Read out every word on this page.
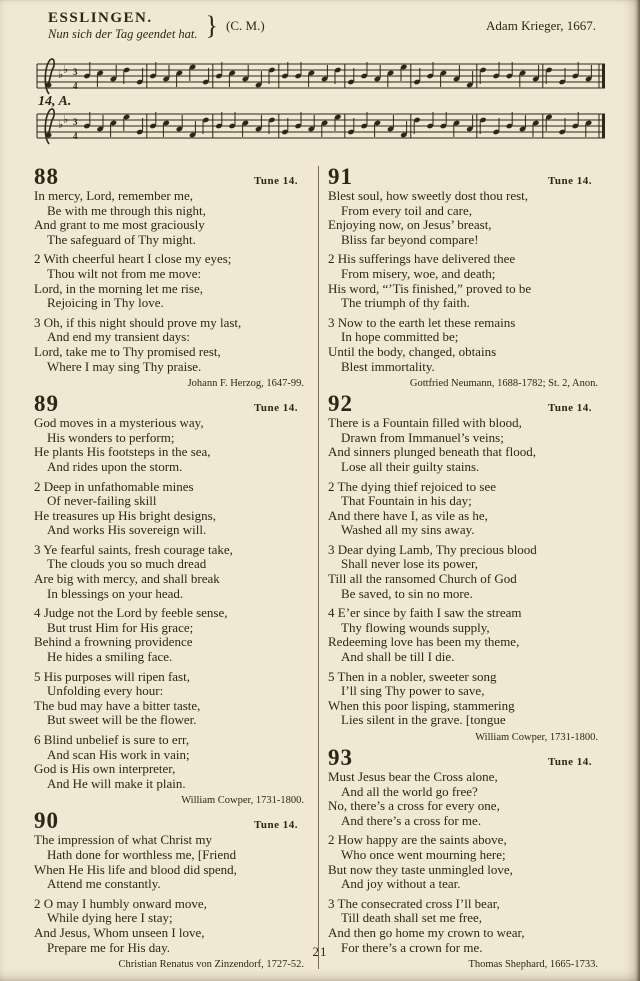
ESSLINGEN.
Nun sich der Tag geendet hat. } (C. M.)	Adam Krieger, 1667.
14, A.
♭ ♭ 3
4
♭ ♭ 3
4
88	Tune 14.
In mercy, Lord, remember me,
Be with me through this night,
And grant to me most graciously
The safeguard of Thy might.
2 With cheerful heart I close my eyes;
Thou wilt not from me move:
Lord, in the morning let me rise,
Rejoicing in Thy love.
3 Oh, if this night should prove my last,
And end my transient days:
Lord, take me to Thy promised rest,
Where I may sing Thy praise.
Johann F. Herzog, 1647-99.
89	Tune 14.
God moves in a mysterious way,
His wonders to perform;
He plants His footsteps in the sea,
And rides upon the storm.
2 Deep in unfathomable mines
Of never-failing skill
He treasures up His bright designs,
And works His sovereign will.
3 Ye fearful saints, fresh courage take,
The clouds you so much dread
Are big with mercy, and shall break
In blessings on your head.
4 Judge not the Lord by feeble sense,
But trust Him for His grace;
Behind a frowning providence
He hides a smiling face.
5 His purposes will ripen fast,
Unfolding every hour:
The bud may have a bitter taste,
But sweet will be the flower.
6 Blind unbelief is sure to err,
And scan His work in vain;
God is His own interpreter,
And He will make it plain.
William Cowper, 1731-1800.
90	Tune 14.
The impression of what Christ my
Hath done for worthless me, [Friend
When He His life and blood did spend,
Attend me constantly.
2 O may I humbly onward move,
While dying here I stay;
And Jesus, Whom unseen I love,
Prepare me for His day.
Christian Renatus von Zinzendorf, 1727-52.
91	Tune 14.
Blest soul, how sweetly dost thou rest,
From every toil and care,
Enjoying now, on Jesus’ breast,
Bliss far beyond compare!
2 His sufferings have delivered thee
From misery, woe, and death;
His word, “’Tis finished,” proved to be
The triumph of thy faith.
3 Now to the earth let these remains
In hope committed be;
Until the body, changed, obtains
Blest immortality.
Gottfried Neumann, 1688-1782; St. 2, Anon.
92	Tune 14.
There is a Fountain filled with blood,
Drawn from Immanuel’s veins;
And sinners plunged beneath that flood,
Lose all their guilty stains.
2 The dying thief rejoiced to see
That Fountain in his day;
And there have I, as vile as he,
Washed all my sins away.
3 Dear dying Lamb, Thy precious blood
Shall never lose its power,
Till all the ransomed Church of God
Be saved, to sin no more.
4 E’er since by faith I saw the stream
Thy flowing wounds supply,
Redeeming love has been my theme,
And shall be till I die.
5 Then in a nobler, sweeter song
I’ll sing Thy power to save,
When this poor lisping, stammering
Lies silent in the grave. [tongue
William Cowper, 1731-1800.
93	Tune 14.
Must Jesus bear the Cross alone,
And all the world go free?
No, there’s a cross for every one,
And there’s a cross for me.
2 How happy are the saints above,
Who once went mourning here;
But now they taste unmingled love,
And joy without a tear.
3 The consecrated cross I’ll bear,
Till death shall set me free,
And then go home my crown to wear,
For there’s a crown for me.
Thomas Shephard, 1665-1733.
21
